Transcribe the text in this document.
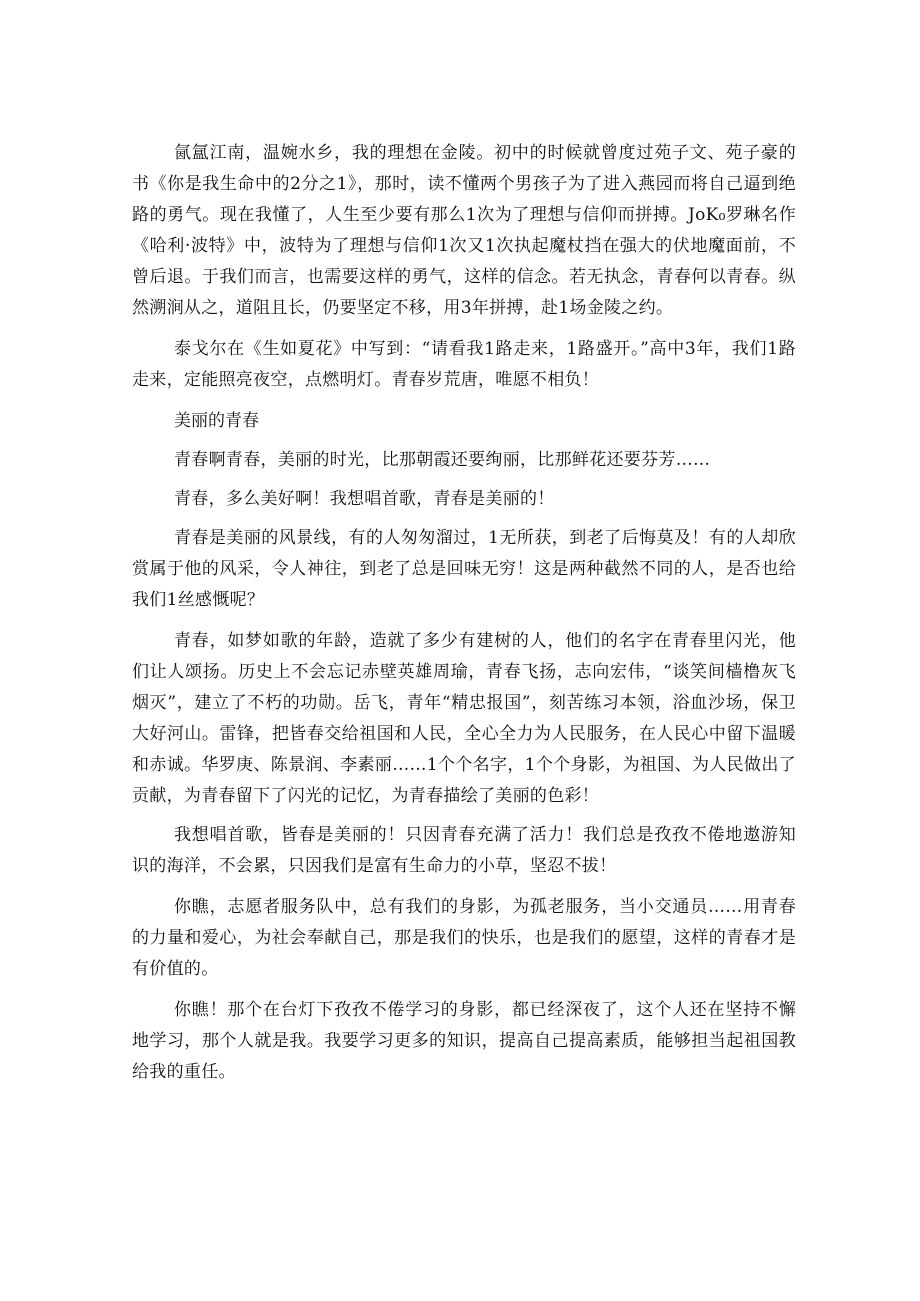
氤氲江南，温婉水乡，我的理想在金陵。初中的时候就曾度过苑子文、苑子豪的书《你是我生命中的2分之1》，那时，读不懂两个男孩子为了进入燕园而将自己逼到绝路的勇气。现在我懂了，人生至少要有那么1次为了理想与信仰而拼搏。JoK₀罗琳名作《哈利·波特》中，波特为了理想与信仰1次又1次执起魔杖挡在强大的伏地魔面前，不曾后退。于我们而言，也需要这样的勇气，这样的信念。若无执念，青春何以青春。纵然溯涧从之，道阻且长，仍要坚定不移，用3年拼搏，赴1场金陵之约。

泰戈尔在《生如夏花》中写到：“请看我1路走来，1路盛开。”高中3年，我们1路走来，定能照亮夜空，点燃明灯。青春岁荒唐，唯愿不相负！

美丽的青春

青春啊青春，美丽的时光，比那朝霞还要绚丽，比那鲜花还要芬芳……

青春，多么美好啊！我想唱首歌，青春是美丽的！

青春是美丽的风景线，有的人匆匆溜过，1无所获，到老了后悔莫及！有的人却欣赏属于他的风采，令人神往，到老了总是回味无穷！这是两种截然不同的人，是否也给我们1丝感慨呢？

青春，如梦如歌的年龄，造就了多少有建树的人，他们的名字在青春里闪光，他们让人颂扬。历史上不会忘记赤壁英雄周瑜，青春飞扬，志向宏伟，“谈笑间樯橹灰飞烟灭”，建立了不朽的功勋。岳飞，青年“精忠报国”，刻苦练习本领，浴血沙场，保卫大好河山。雷锋，把皆春交给祖国和人民，全心全力为人民服务，在人民心中留下温暖和赤诚。华罗庚、陈景润、李素丽……1个个名字，1个个身影，为祖国、为人民做出了贡献，为青春留下了闪光的记忆，为青春描绘了美丽的色彩！

我想唱首歌，皆春是美丽的！只因青春充满了活力！我们总是孜孜不倦地遨游知识的海洋，不会累，只因我们是富有生命力的小草，坚忍不拔！

你瞧，志愿者服务队中，总有我们的身影，为孤老服务，当小交通员……用青春的力量和爱心，为社会奉献自己，那是我们的快乐，也是我们的愿望，这样的青春才是有价值的。

你瞧！那个在台灯下孜孜不倦学习的身影，都已经深夜了，这个人还在坚持不懈地学习，那个人就是我。我要学习更多的知识，提高自己提高素质，能够担当起祖国教给我的重任。
